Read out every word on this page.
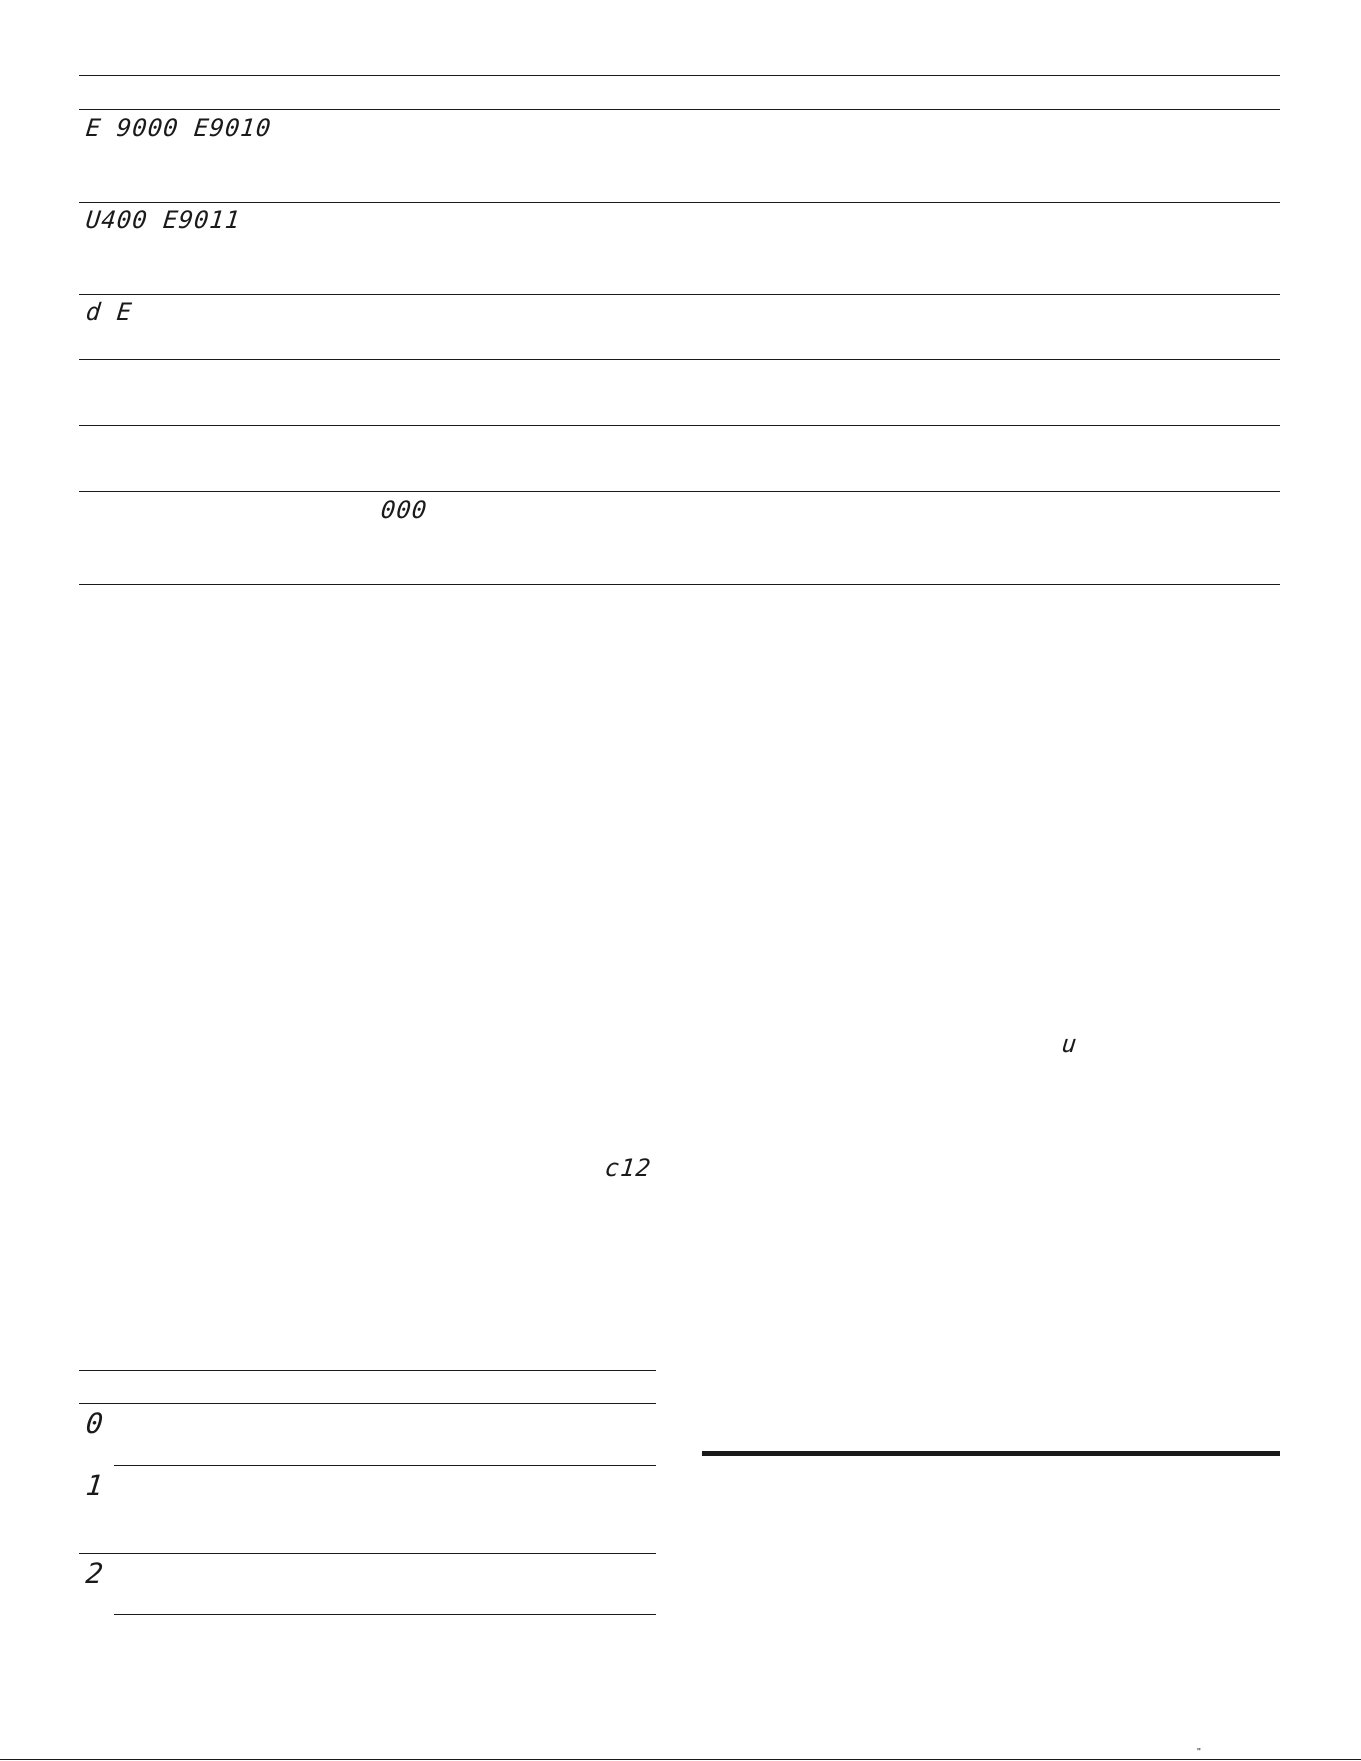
E 9000 E9010
U400 E9011
d E
000
u
c12
0
1
2
''
